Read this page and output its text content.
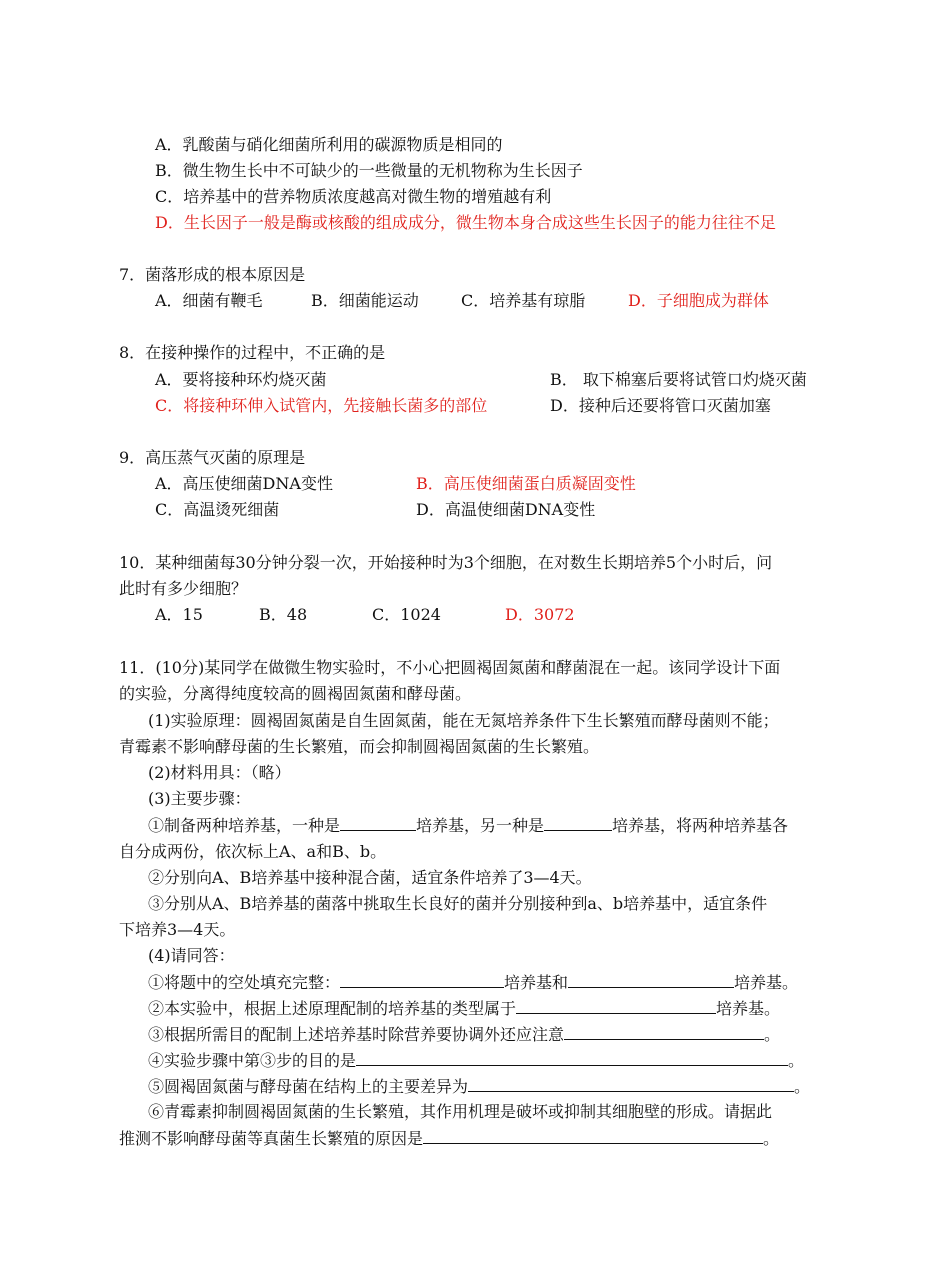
A．乳酸菌与硝化细菌所利用的碳源物质是相同的
B．微生物生长中不可缺少的一些微量的无机物称为生长因子
C．培养基中的营养物质浓度越高对微生物的增殖越有利
D．生长因子一般是酶或核酸的组成成分，微生物本身合成这些生长因子的能力往往不足
7．菌落形成的根本原因是
A．细菌有鞭毛	B．细菌能运动	C．培养基有琼脂	D．子细胞成为群体
8．在接种操作的过程中，不正确的是
A．要将接种环灼烧灭菌	B． 取下棉塞后要将试管口灼烧灭菌
C．将接种环伸入试管内，先接触长菌多的部位	D．接种后还要将管口灭菌加塞
9．高压蒸气灭菌的原理是
A．高压使细菌DNA变性	B．高压使细菌蛋白质凝固变性
C．高温烫死细菌	D．高温使细菌DNA变性
10．某种细菌每30分钟分裂一次，开始接种时为3个细胞，在对数生长期培养5个小时后，问
此时有多少细胞？
A．15	B．48	C．1024	D．3072
11．(10分)某同学在做微生物实验时，不小心把圆褐固氮菌和酵菌混在一起。该同学设计下面
的实验，分离得纯度较高的圆褐固氮菌和酵母菌。
(1)实验原理：圆褐固氮菌是自生固氮菌，能在无氮培养条件下生长繁殖而酵母菌则不能；
青霉素不影响酵母菌的生长繁殖，而会抑制圆褐固氮菌的生长繁殖。
(2)材料用具：（略）
(3)主要步骤：
①制备两种培养基，一种是	培养基，另一种是	培养基，将两种培养基各
自分成两份，依次标上A、a和B、b。
②分别向A、B培养基中接种混合菌，适宜条件培养了3—4天。
③分别从A、B培养基的菌落中挑取生长良好的菌并分别接种到a、b培养基中，适宜条件
下培养3—4天。
(4)请同答：
①将题中的空处填充完整：	培养基和	培养基。
②本实验中，根据上述原理配制的培养基的类型属于	培养基。
③根据所需目的配制上述培养基时除营养要协调外还应注意	。
④实验步骤中第③步的目的是	。
⑤圆褐固氮菌与酵母菌在结构上的主要差异为	。
⑥青霉素抑制圆褐固氮菌的生长繁殖，其作用机理是破坏或抑制其细胞壁的形成。请据此
推测不影响酵母菌等真菌生长繁殖的原因是	。
